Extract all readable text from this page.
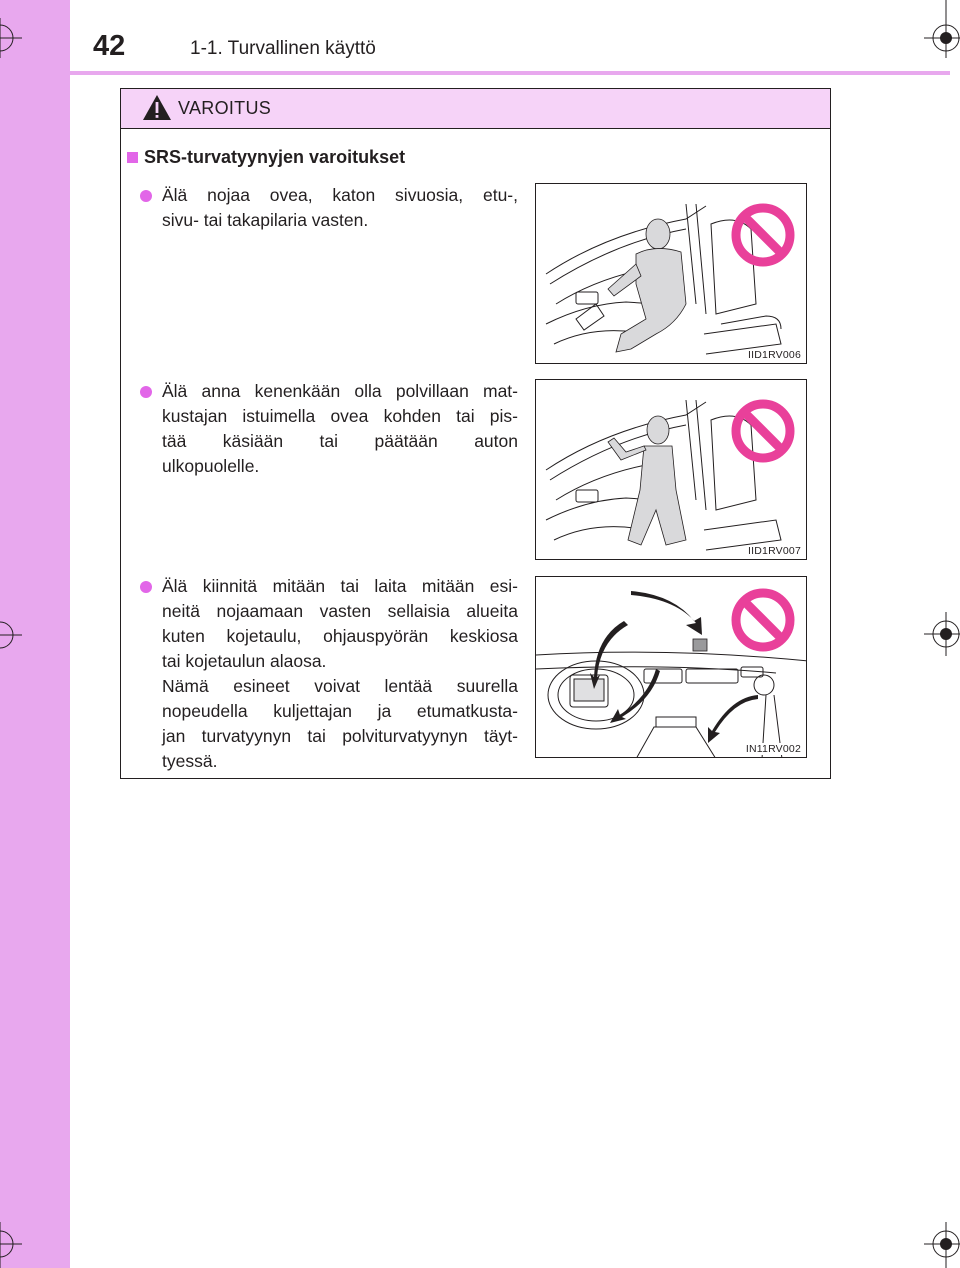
42	1-1. Turvallinen käyttö
VAROITUS
SRS-turvatyynyjen varoitukset
Älä nojaa ovea, katon sivuosia, etu-,
sivu- tai takapilaria vasten.
IID1RV006
Älä anna kenenkään olla polvillaan mat-
kustajan istuimella ovea kohden tai pis-
tää käsiään tai päätään auton
ulkopuolelle.
IID1RV007
Älä kiinnitä mitään tai laita mitään esi-
neitä nojaamaan vasten sellaisia alueita
kuten kojetaulu, ohjauspyörän keskiosa
tai kojetaulun alaosa.
Nämä esineet voivat lentää suurella
nopeudella kuljettajan ja etumatkusta-
jan turvatyynyn tai polviturvatyynyn täyt-
tyessä.
IN11RV002
